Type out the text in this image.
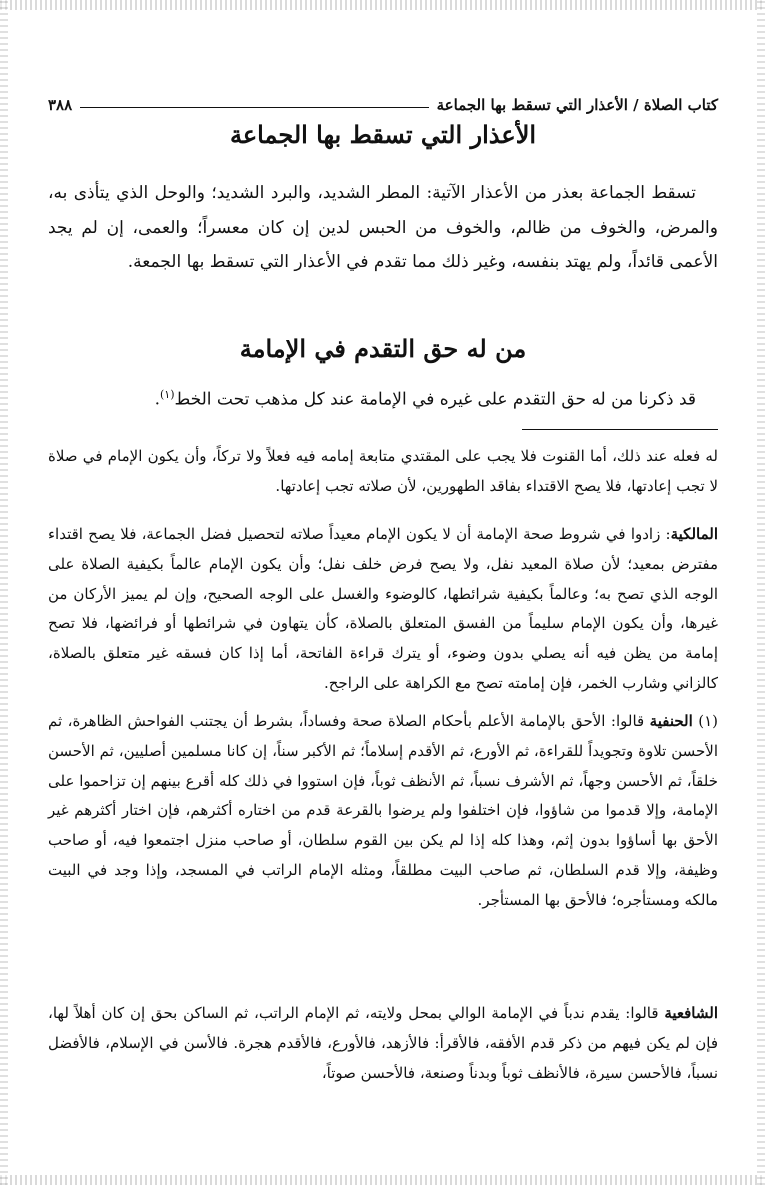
كتاب الصلاة / الأعذار التي تسقط بها الجماعة
٣٨٨
الأعذار التي تسقط بها الجماعة
تسقط الجماعة بعذر من الأعذار الآتية: المطر الشديد، والبرد الشديد؛ والوحل الذي يتأذى به، والمرض، والخوف من ظالم، والخوف من الحبس لدين إن كان معسراً؛ والعمى، إن لم يجد الأعمى قائداً، ولم يهتد بنفسه، وغير ذلك مما تقدم في الأعذار التي تسقط بها الجمعة.
من له حق التقدم في الإمامة
قد ذكرنا من له حق التقدم على غيره في الإمامة عند كل مذهب تحت الخط$^{(١)}$.
له فعله عند ذلك، أما القنوت فلا يجب على المقتدي متابعة إمامه فيه فعلاً ولا تركاً، وأن يكون الإمام في صلاة لا تجب إعادتها، فلا يصح الاقتداء بفاقد الطهورين، لأن صلاته تجب إعادتها.
المالكية: زادوا في شروط صحة الإمامة أن لا يكون الإمام معيداً صلاته لتحصيل فضل الجماعة، فلا يصح اقتداء مفترض بمعيد؛ لأن صلاة المعيد نفل، ولا يصح فرض خلف نفل؛ وأن يكون الإمام عالماً بكيفية الصلاة على الوجه الذي تصح به؛ وعالماً بكيفية شرائطها، كالوضوء والغسل على الوجه الصحيح، وإن لم يميز الأركان من غيرها، وأن يكون الإمام سليماً من الفسق المتعلق بالصلاة، كأن يتهاون في شرائطها أو فرائضها، فلا تصح إمامة من يظن فيه أنه يصلي بدون وضوء، أو يترك قراءة الفاتحة، أما إذا كان فسقه غير متعلق بالصلاة، كالزاني وشارب الخمر، فإن إمامته تصح مع الكراهة على الراجح.
(١) الحنفية قالوا: الأحق بالإمامة الأعلم بأحكام الصلاة صحة وفساداً، بشرط أن يجتنب الفواحش الظاهرة، ثم الأحسن تلاوة وتجويداً للقراءة، ثم الأورع، ثم الأقدم إسلاماً؛ ثم الأكبر سناً، إن كانا مسلمين أصليين، ثم الأحسن خلقاً، ثم الأحسن وجهاً، ثم الأشرف نسباً، ثم الأنظف ثوباً، فإن استووا في ذلك كله أقرع بينهم إن تزاحموا على الإمامة، وإلا قدموا من شاؤوا، فإن اختلفوا ولم يرضوا بالقرعة قدم من اختاره أكثرهم، فإن اختار أكثرهم غير الأحق بها أساؤوا بدون إثم، وهذا كله إذا لم يكن بين القوم سلطان، أو صاحب منزل اجتمعوا فيه، أو صاحب وظيفة، وإلا قدم السلطان، ثم صاحب البيت مطلقاً، ومثله الإمام الراتب في المسجد، وإذا وجد في البيت مالكه ومستأجره؛ فالأحق بها المستأجر.
الشافعية قالوا: يقدم ندباً في الإمامة الوالي بمحل ولايته، ثم الإمام الراتب، ثم الساكن بحق إن كان أهلاً لها، فإن لم يكن فيهم من ذكر قدم الأفقه، فالأقرأ: فالأزهد، فالأورع، فالأقدم هجرة. فالأسن في الإسلام، فالأفضل نسباً، فالأحسن سيرة، فالأنظف ثوباً وبدناً وصنعة، فالأحسن صوتاً،
